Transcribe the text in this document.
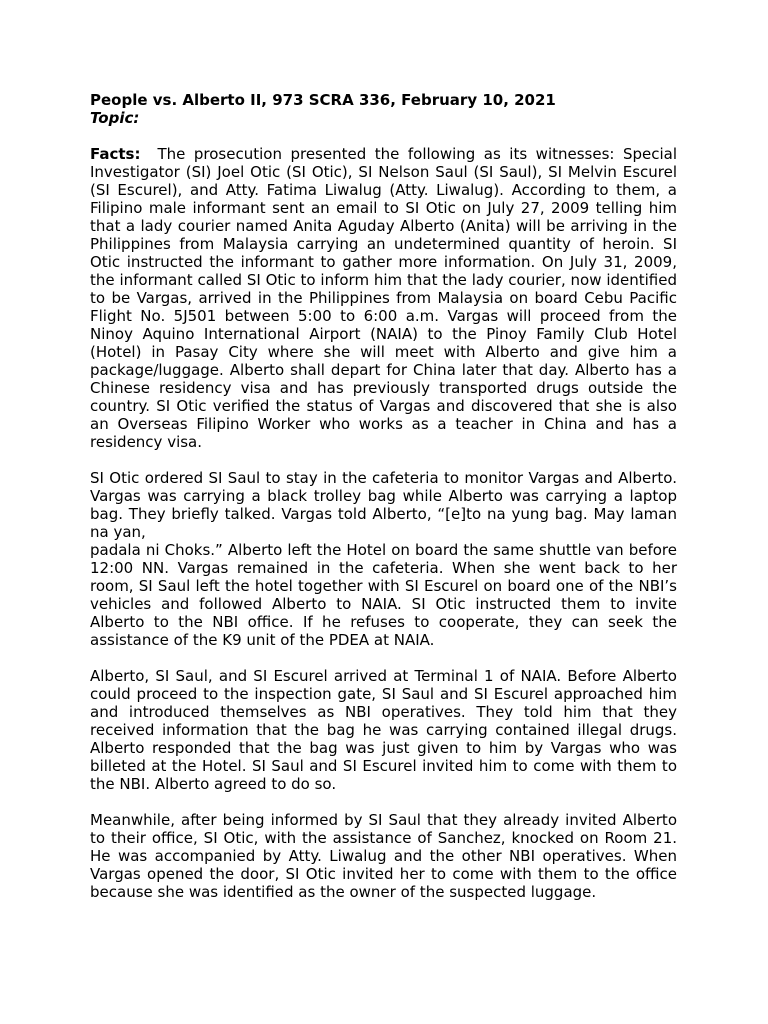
People vs. Alberto II, 973 SCRA 336, February 10, 2021
Topic:

Facts: The prosecution presented the following as its witnesses: Special Investigator (SI) Joel Otic (SI Otic), SI Nelson Saul (SI Saul), SI Melvin Escurel (SI Escurel), and Atty. Fatima Liwalug (Atty. Liwalug). According to them, a Filipino male informant sent an email to SI Otic on July 27, 2009 telling him that a lady courier named Anita Aguday Alberto (Anita) will be arriving in the Philippines from Malaysia carrying an undetermined quantity of heroin. SI Otic instructed the informant to gather more information. On July 31, 2009, the informant called SI Otic to inform him that the lady courier, now identified to be Vargas, arrived in the Philippines from Malaysia on board Cebu Pacific Flight No. 5J501 between 5:00 to 6:00 a.m. Vargas will proceed from the Ninoy Aquino International Airport (NAIA) to the Pinoy Family Club Hotel (Hotel) in Pasay City where she will meet with Alberto and give him a package/luggage. Alberto shall depart for China later that day. Alberto has a Chinese residency visa and has previously transported drugs outside the country. SI Otic verified the status of Vargas and discovered that she is also an Overseas Filipino Worker who works as a teacher in China and has a residency visa.

SI Otic ordered SI Saul to stay in the cafeteria to monitor Vargas and Alberto. Vargas was carrying a black trolley bag while Alberto was carrying a laptop bag. They briefly talked. Vargas told Alberto, “[e]to na yung bag. May laman na yan,

padala ni Choks.” Alberto left the Hotel on board the same shuttle van before 12:00 NN. Vargas remained in the cafeteria. When she went back to her room, SI Saul left the hotel together with SI Escurel on board one of the NBI’s vehicles and followed Alberto to NAIA. SI Otic instructed them to invite Alberto to the NBI office. If he refuses to cooperate, they can seek the assistance of the K9 unit of the PDEA at NAIA.

Alberto, SI Saul, and SI Escurel arrived at Terminal 1 of NAIA. Before Alberto could proceed to the inspection gate, SI Saul and SI Escurel approached him and introduced themselves as NBI operatives. They told him that they received information that the bag he was carrying contained illegal drugs. Alberto responded that the bag was just given to him by Vargas who was billeted at the Hotel. SI Saul and SI Escurel invited him to come with them to the NBI. Alberto agreed to do so.

Meanwhile, after being informed by SI Saul that they already invited Alberto to their office, SI Otic, with the assistance of Sanchez, knocked on Room 21. He was accompanied by Atty. Liwalug and the other NBI operatives. When Vargas opened the door, SI Otic invited her to come with them to the office because she was identified as the owner of the suspected luggage.
